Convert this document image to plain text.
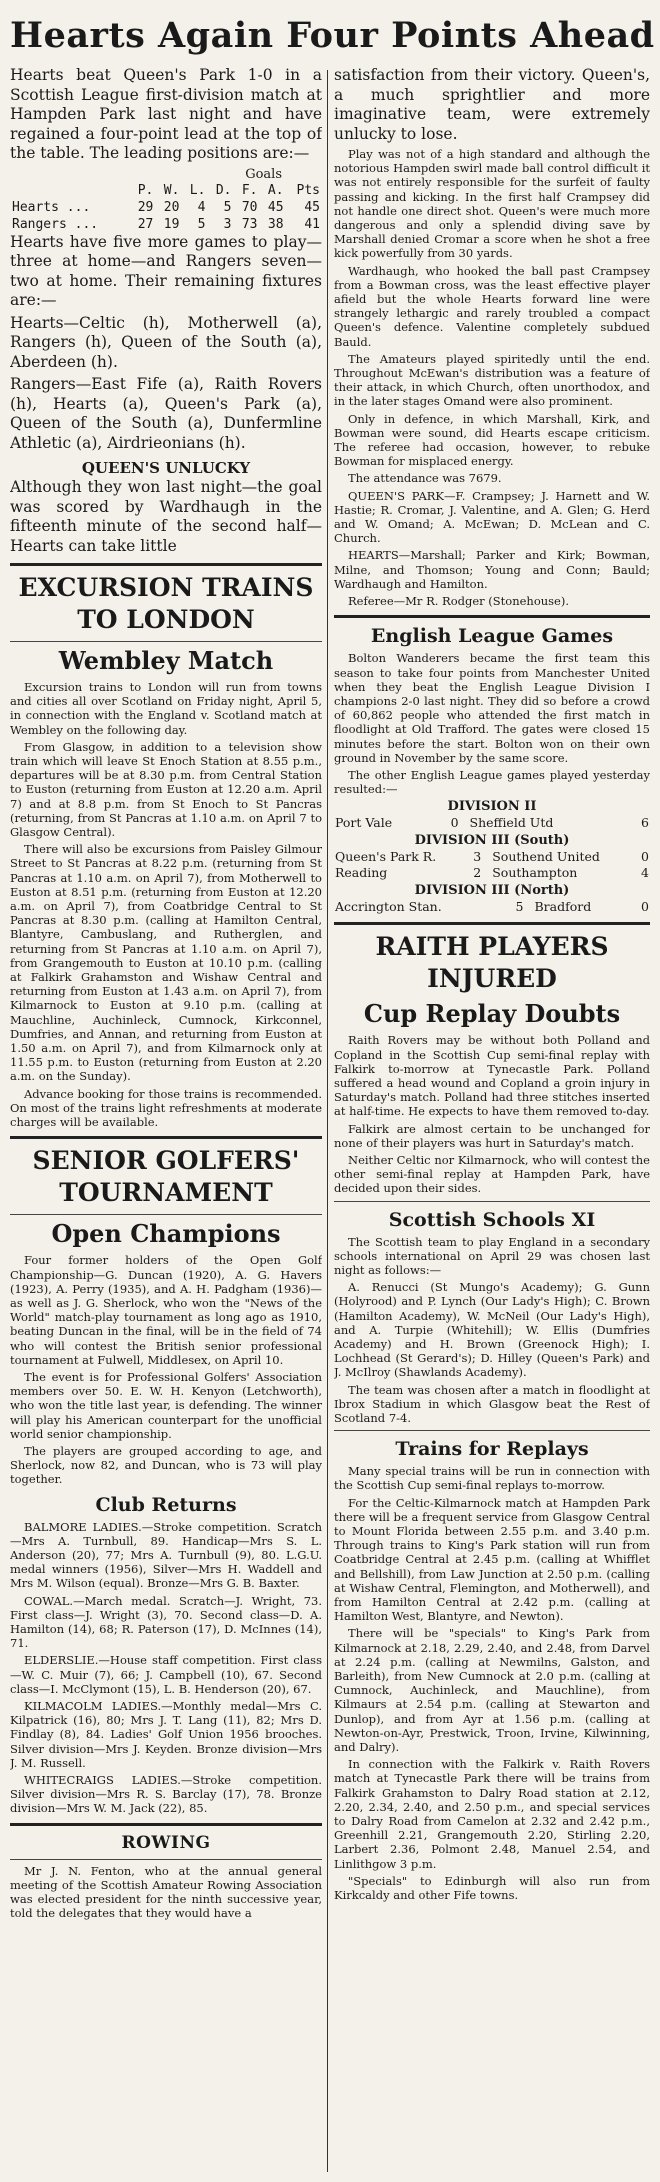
Hearts Again Four Points Ahead

Hearts beat Queen's Park 1-0 in a Scottish League first-division match at Hampden Park last night and have regained a four-point lead at the top of the table. The leading positions are:—

Goals
	P.	W.	L.	D.	F.	A.	Pts
Hearts ...	29	20	4	5	70	45	45
Rangers ...	27	19	5	3	73	38	41

Hearts have five more games to play—three at home—and Rangers seven—two at home. Their remaining fixtures are:—

Hearts—Celtic (h), Motherwell (a), Rangers (h), Queen of the South (a), Aberdeen (h).

Rangers—East Fife (a), Raith Rovers (h), Hearts (a), Queen's Park (a), Queen of the South (a), Dunfermline Athletic (a), Airdrieonians (h).

QUEEN'S UNLUCKY

Although they won last night—the goal was scored by Wardhaugh in the fifteenth minute of the second half—Hearts can take little

EXCURSION TRAINS TO LONDON
Wembley Match

Excursion trains to London will run from towns and cities all over Scotland on Friday night, April 5, in connection with the England v. Scotland match at Wembley on the following day.

From Glasgow, in addition to a television show train which will leave St Enoch Station at 8.55 p.m., departures will be at 8.30 p.m. from Central Station to Euston (returning from Euston at 12.20 a.m. April 7) and at 8.8 p.m. from St Enoch to St Pancras (returning, from St Pancras at 1.10 a.m. on April 7 to Glasgow Central).

There will also be excursions from Paisley Gilmour Street to St Pancras at 8.22 p.m. (returning from St Pancras at 1.10 a.m. on April 7), from Motherwell to Euston at 8.51 p.m. (returning from Euston at 12.20 a.m. on April 7), from Coatbridge Central to St Pancras at 8.30 p.m. (calling at Hamilton Central, Blantyre, Cambuslang, and Rutherglen, and returning from St Pancras at 1.10 a.m. on April 7), from Grangemouth to Euston at 10.10 p.m. (calling at Falkirk Grahamston and Wishaw Central and returning from Euston at 1.43 a.m. on April 7), from Kilmarnock to Euston at 9.10 p.m. (calling at Mauchline, Auchinleck, Cumnock, Kirkconnel, Dumfries, and Annan, and returning from Euston at 1.50 a.m. on April 7), and from Kilmarnock only at 11.55 p.m. to Euston (returning from Euston at 2.20 a.m. on the Sunday).

Advance booking for those trains is recommended. On most of the trains light refreshments at moderate charges will be available.

SENIOR GOLFERS' TOURNAMENT
Open Champions

Four former holders of the Open Golf Championship—G. Duncan (1920), A. G. Havers (1923), A. Perry (1935), and A. H. Padgham (1936)—as well as J. G. Sherlock, who won the "News of the World" match-play tournament as long ago as 1910, beating Duncan in the final, will be in the field of 74 who will contest the British senior professional tournament at Fulwell, Middlesex, on April 10.

The event is for Professional Golfers' Association members over 50. E. W. H. Kenyon (Letchworth), who won the title last year, is defending. The winner will play his American counterpart for the unofficial world senior championship.

The players are grouped according to age, and Sherlock, now 82, and Duncan, who is 73 will play together.

Club Returns

BALMORE LADIES.—Stroke competition. Scratch—Mrs A. Turnbull, 89. Handicap—Mrs S. L. Anderson (20), 77; Mrs A. Turnbull (9), 80. L.G.U. medal winners (1956), Silver—Mrs H. Waddell and Mrs M. Wilson (equal). Bronze—Mrs G. B. Baxter.

COWAL.—March medal. Scratch—J. Wright, 73. First class—J. Wright (3), 70. Second class—D. A. Hamilton (14), 68; R. Paterson (17), D. McInnes (14), 71.

ELDERSLIE.—House staff competition. First class—W. C. Muir (7), 66; J. Campbell (10), 67. Second class—I. McClymont (15), L. B. Henderson (20), 67.

KILMACOLM LADIES.—Monthly medal—Mrs C. Kilpatrick (16), 80; Mrs J. T. Lang (11), 82; Mrs D. Findlay (8), 84. Ladies' Golf Union 1956 brooches. Silver division—Mrs J. Keyden. Bronze division—Mrs J. M. Russell.

WHITECRAIGS LADIES.—Stroke competition. Silver division—Mrs R. S. Barclay (17), 78. Bronze division—Mrs W. M. Jack (22), 85.

ROWING

Mr J. N. Fenton, who at the annual general meeting of the Scottish Amateur Rowing Association was elected president for the ninth successive year, told the delegates that they would have a

satisfaction from their victory. Queen's, a much sprightlier and more imaginative team, were extremely unlucky to lose.

Play was not of a high standard and although the notorious Hampden swirl made ball control difficult it was not entirely responsible for the surfeit of faulty passing and kicking. In the first half Crampsey did not handle one direct shot. Queen's were much more dangerous and only a splendid diving save by Marshall denied Cromar a score when he shot a free kick powerfully from 30 yards.

Wardhaugh, who hooked the ball past Crampsey from a Bowman cross, was the least effective player afield but the whole Hearts forward line were strangely lethargic and rarely troubled a compact Queen's defence. Valentine completely subdued Bauld.

The Amateurs played spiritedly until the end. Throughout McEwan's distribution was a feature of their attack, in which Church, often unorthodox, and in the later stages Omand were also prominent.

Only in defence, in which Marshall, Kirk, and Bowman were sound, did Hearts escape criticism. The referee had occasion, however, to rebuke Bowman for misplaced energy.

The attendance was 7679.

QUEEN'S PARK—F. Crampsey; J. Harnett and W. Hastie; R. Cromar, J. Valentine, and A. Glen; G. Herd and W. Omand; A. McEwan; D. McLean and C. Church.

HEARTS—Marshall; Parker and Kirk; Bowman, Milne, and Thomson; Young and Conn; Bauld; Wardhaugh and Hamilton.

Referee—Mr R. Rodger (Stonehouse).

English League Games

Bolton Wanderers became the first team this season to take four points from Manchester United when they beat the English League Division I champions 2-0 last night. They did so before a crowd of 60,862 people who attended the first match in floodlight at Old Trafford. The gates were closed 15 minutes before the start. Bolton won on their own ground in November by the same score.

The other English League games played yesterday resulted:—

DIVISION II
Port Vale	0	Sheffield Utd	6
DIVISION III (South)
Queen's Park R.	3	Southend United	0
Reading	2	Southampton	4
DIVISION III (North)
Accrington Stan.	5	Bradford	0
RAITH PLAYERS INJURED
Cup Replay Doubts

Raith Rovers may be without both Polland and Copland in the Scottish Cup semi-final replay with Falkirk to-morrow at Tynecastle Park. Polland suffered a head wound and Copland a groin injury in Saturday's match. Polland had three stitches inserted at half-time. He expects to have them removed to-day.

Falkirk are almost certain to be unchanged for none of their players was hurt in Saturday's match.

Neither Celtic nor Kilmarnock, who will contest the other semi-final replay at Hampden Park, have decided upon their sides.

Scottish Schools XI

The Scottish team to play England in a secondary schools international on April 29 was chosen last night as follows:—

A. Renucci (St Mungo's Academy); G. Gunn (Holyrood) and P. Lynch (Our Lady's High); C. Brown (Hamilton Academy), W. McNeil (Our Lady's High), and A. Turpie (Whitehill); W. Ellis (Dumfries Academy) and H. Brown (Greenock High); I. Lochhead (St Gerard's); D. Hilley (Queen's Park) and J. McIlroy (Shawlands Academy).

The team was chosen after a match in floodlight at Ibrox Stadium in which Glasgow beat the Rest of Scotland 7-4.

Trains for Replays

Many special trains will be run in connection with the Scottish Cup semi-final replays to-morrow.

For the Celtic-Kilmarnock match at Hampden Park there will be a frequent service from Glasgow Central to Mount Florida between 2.55 p.m. and 3.40 p.m. Through trains to King's Park station will run from Coatbridge Central at 2.45 p.m. (calling at Whifflet and Bellshill), from Law Junction at 2.50 p.m. (calling at Wishaw Central, Flemington, and Motherwell), and from Hamilton Central at 2.42 p.m. (calling at Hamilton West, Blantyre, and Newton).

There will be "specials" to King's Park from Kilmarnock at 2.18, 2.29, 2.40, and 2.48, from Darvel at 2.24 p.m. (calling at Newmilns, Galston, and Barleith), from New Cumnock at 2.0 p.m. (calling at Cumnock, Auchinleck, and Mauchline), from Kilmaurs at 2.54 p.m. (calling at Stewarton and Dunlop), and from Ayr at 1.56 p.m. (calling at Newton-on-Ayr, Prestwick, Troon, Irvine, Kilwinning, and Dalry).

In connection with the Falkirk v. Raith Rovers match at Tynecastle Park there will be trains from Falkirk Grahamston to Dalry Road station at 2.12, 2.20, 2.34, 2.40, and 2.50 p.m., and special services to Dalry Road from Camelon at 2.32 and 2.42 p.m., Greenhill 2.21, Grangemouth 2.20, Stirling 2.20, Larbert 2.36, Polmont 2.48, Manuel 2.54, and Linlithgow 3 p.m.

"Specials" to Edinburgh will also run from Kirkcaldy and other Fife towns.
